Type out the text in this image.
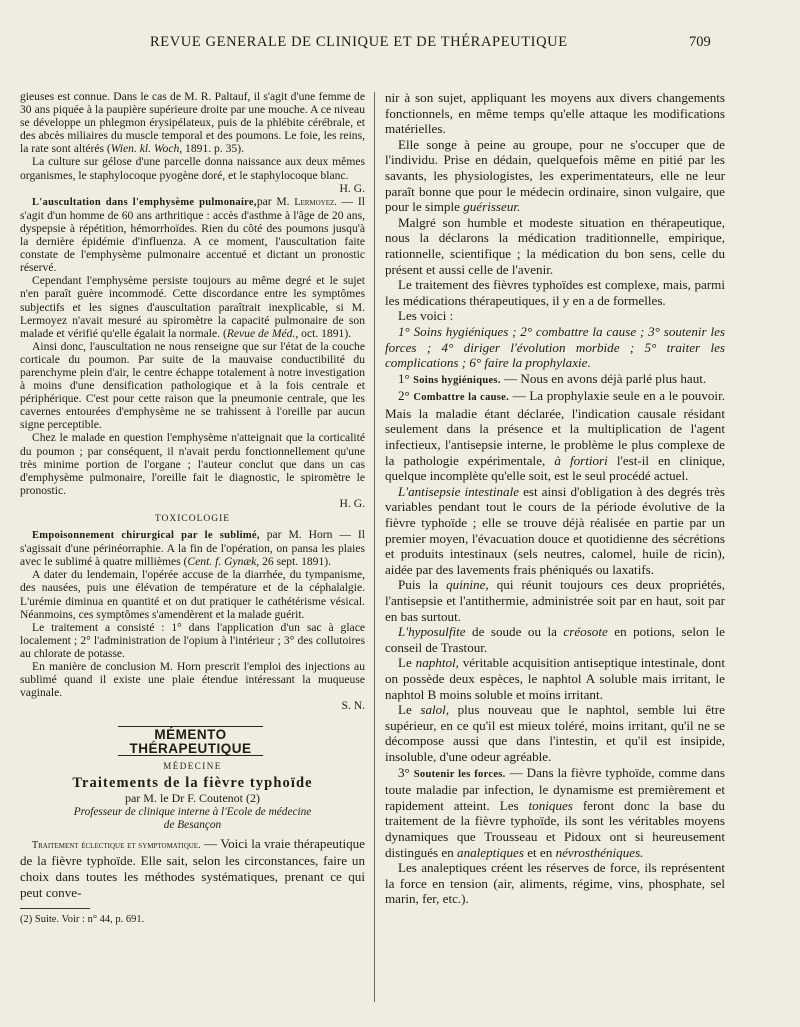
REVUE GENERALE DE CLINIQUE ET DE THÉRAPEUTIQUE	709

gieuses est connue. Dans le cas de M. R. Paltauf, il s'agit d'une femme de 30 ans piquée à la paupière supérieure droite par une mouche. A ce niveau se développe un phlegmon érysipélateux, puis de la phlébite cérébrale, et des abcès miliaires du muscle temporal et des poumons. Le foie, les reins, la rate sont altérés (Wien. kl. Woch, 1891. p. 35).

La culture sur gélose d'une parcelle donna naissance aux deux mêmes organismes, le staphylocoque pyogène doré, et le staphylocoque blanc.

H. G.

L'auscultation dans l'emphysème pulmonaire,par M. Lermoyez. — Il s'agit d'un homme de 60 ans arthritique : accès d'asthme à l'âge de 20 ans, dyspepsie à répétition, hémorrhoïdes. Rien du côté des poumons jusqu'à la dernière épidémie d'influenza. A ce moment, l'auscultation faite constate de l'emphysème pulmonaire accentué et dictant un pronostic réservé.

Cependant l'emphysème persiste toujours au même degré et le sujet n'en paraît guère incommodé. Cette discordance entre les symptômes subjectifs et les signes d'auscultation paraîtrait inexplicable, si M. Lermoyez n'avait mesuré au spiromètre la capacité pulmonaire de son malade et vérifié qu'elle égalait la normale. (Revue de Méd., oct. 1891).

Ainsi donc, l'auscultation ne nous renseigne que sur l'état de la couche corticale du poumon. Par suite de la mauvaise conductibilité du parenchyme plein d'air, le centre échappe totalement à notre investigation à moins d'une densification pathologique et à la fois centrale et périphérique. C'est pour cette raison que la pneumonie centrale, que les cavernes entourées d'emphysème ne se trahissent à l'oreille par aucun signe perceptible.

Chez le malade en question l'emphysème n'atteignait que la corticalité du poumon ; par conséquent, il n'avait perdu fonctionnellement qu'une très minime portion de l'organe ; l'auteur conclut que dans un cas d'emphysème pulmonaire, l'oreille fait le diagnostic, le spiromètre le pronostic.

H. G.

TOXICOLOGIE

Empoisonnement chirurgical par le sublimé, par M. Horn — Il s'agissait d'une périnéorraphie. A la fin de l'opération, on pansa les plaies avec le sublimé à quatre millièmes (Cent. f. Gynæk, 26 sept. 1891).

A dater du lendemain, l'opérée accuse de la diarrhée, du tympanisme, des nausées, puis une élévation de température et de la céphalalgie. L'urémie diminua en quantité et on dut pratiquer le cathétérisme vésical. Néanmoins, ces symptômes s'amendèrent et la malade guérit.

Le traitement a consisté : 1° dans l'application d'un sac à glace localement ; 2° l'administration de l'opium à l'intérieur ; 3° des collutoires au chlorate de potasse.

En manière de conclusion M. Horn prescrit l'emploi des injections au sublimé quand il existe une plaie étendue intéressant la muqueuse vaginale.

S. N.

MÉMENTO THÉRAPEUTIQUE
MÉDECINE
Traitements de la fièvre typhoïde
par M. le Dr F. Coutenot (2)
Professeur de clinique interne à l'Ecole de médecine
de Besançon

Traitement éclectique et symptomatique. — Voici la vraie thérapeutique de la fièvre typhoïde. Elle sait, selon les circonstances, faire un choix dans toutes les méthodes systématiques, prenant ce qui peut conve-

(2) Suite. Voir : n° 44, p. 691.

nir à son sujet, appliquant les moyens aux divers changements fonctionnels, en même temps qu'elle attaque les modifications matérielles.

Elle songe à peine au groupe, pour ne s'occuper que de l'individu. Prise en dédain, quelquefois même en pitié par les savants, les physiologistes, les experimentateurs, elle ne leur paraît bonne que pour le médecin ordinaire, sinon vulgaire, que pour le simple guérisseur.

Malgré son humble et modeste situation en thérapeutique, nous la déclarons la médication traditionnelle, empirique, rationnelle, scientifique ; la médication du bon sens, celle du présent et aussi celle de l'avenir.

Le traitement des fièvres typhoïdes est complexe, mais, parmi les médications thérapeutiques, il y en a de formelles.

Les voici :

1° Soins hygiéniques ; 2° combattre la cause ; 3° soutenir les forces ; 4° diriger l'évolution morbide ; 5° traiter les complications ; 6° faire la prophylaxie.

1° Soins hygiéniques. — Nous en avons déjà parlé plus haut.

2° Combattre la cause. — La prophylaxie seule en a le pouvoir. Mais la maladie étant déclarée, l'indication causale résidant seulement dans la présence et la multiplication de l'agent infectieux, l'antisepsie interne, le problème le plus complexe de la pathologie expérimentale, à fortiori l'est-il en clinique, quelque incomplète qu'elle soit, est le seul procédé actuel.

L'antisepsie intestinale est ainsi d'obligation à des degrés très variables pendant tout le cours de la période évolutive de la fièvre typhoïde ; elle se trouve déjà réalisée en partie par un premier moyen, l'évacuation douce et quotidienne des sécrétions et produits intestinaux (sels neutres, calomel, huile de ricin), aidée par des lavements frais phéniqués ou laxatifs.

Puis la quinine, qui réunit toujours ces deux propriétés, l'antisepsie et l'antithermie, administrée soit par en haut, soit par en bas surtout.

L'hyposulfite de soude ou la créosote en potions, selon le conseil de Trastour.

Le naphtol, véritable acquisition antiseptique intestinale, dont on possède deux espèces, le naphtol A soluble mais irritant, le naphtol B moins soluble et moins irritant.

Le salol, plus nouveau que le naphtol, semble lui être supérieur, en ce qu'il est mieux toléré, moins irritant, qu'il ne se décompose aussi que dans l'intestin, et qu'il est insipide, insoluble, d'une odeur agréable.

3° Soutenir les forces. — Dans la fièvre typhoïde, comme dans toute maladie par infection, le dynamisme est premièrement et rapidement atteint. Les toniques feront donc la base du traitement de la fièvre typhoïde, ils sont les véritables moyens dynamiques que Trousseau et Pidoux ont si heureusement distingués en analeptiques et en névrosthéniques.

Les analeptiques créent les réserves de force, ils représentent la force en tension (air, aliments, régime, vins, phosphate, sel marin, fer, etc.).
